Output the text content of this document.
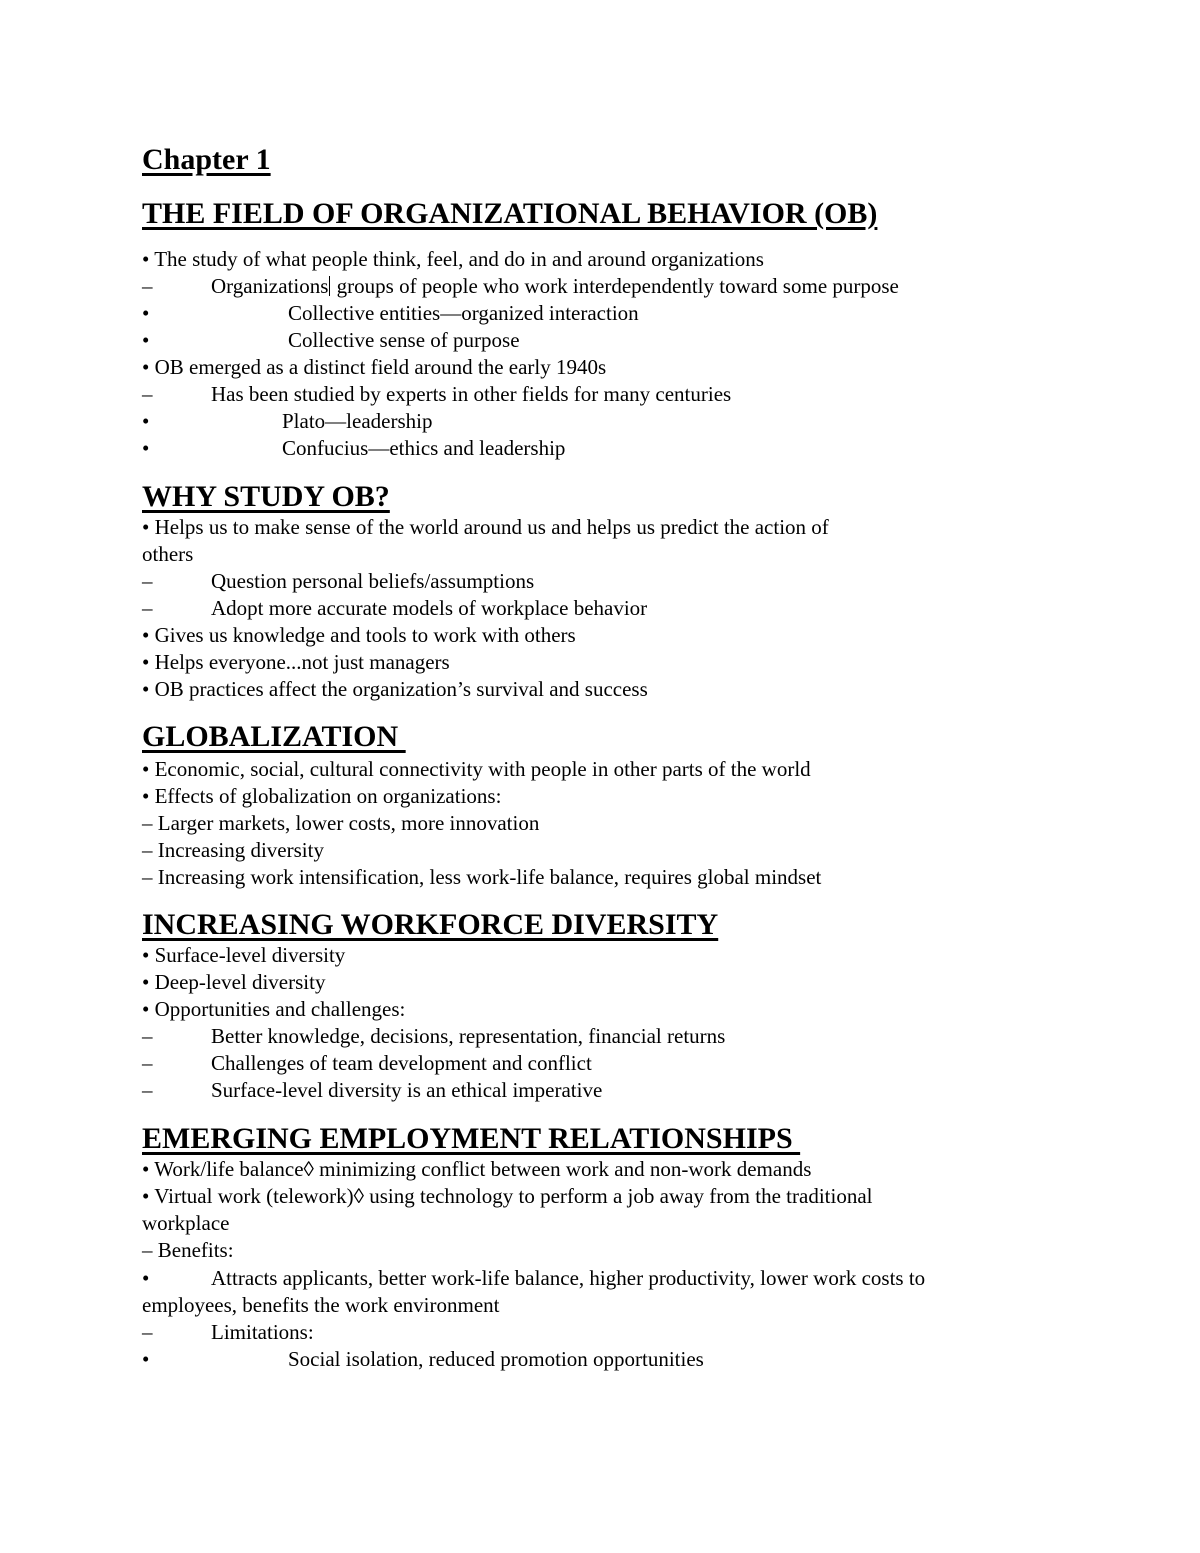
Chapter 1
THE FIELD OF ORGANIZATIONAL BEHAVIOR (OB)
• The study of what people think, feel, and do in and around organizations
–	Organizations groups of people who work interdependently toward some purpose
•	Collective entities—organized interaction
•	Collective sense of purpose
• OB emerged as a distinct field around the early 1940s
–	Has been studied by experts in other fields for many centuries
•	Plato—leadership
•	Confucius—ethics and leadership
WHY STUDY OB?
• Helps us to make sense of the world around us and helps us predict the action of
others
–	Question personal beliefs/assumptions
–	Adopt more accurate models of workplace behavior
• Gives us knowledge and tools to work with others
• Helps everyone...not just managers
• OB practices affect the organization’s survival and success
GLOBALIZATION
• Economic, social, cultural connectivity with people in other parts of the world
• Effects of globalization on organizations:
– Larger markets, lower costs, more innovation
– Increasing diversity
– Increasing work intensification, less work-life balance, requires global mindset
INCREASING WORKFORCE DIVERSITY
• Surface-level diversity
• Deep-level diversity
• Opportunities and challenges:
–	Better knowledge, decisions, representation, financial returns
–	Challenges of team development and conflict
–	Surface-level diversity is an ethical imperative
EMERGING EMPLOYMENT RELATIONSHIPS
• Work/life balance◊ minimizing conflict between work and non-work demands
• Virtual work (telework)◊ using technology to perform a job away from the traditional
workplace
– Benefits:
•	Attracts applicants, better work-life balance, higher productivity, lower work costs to
employees, benefits the work environment
–	Limitations:
•	Social isolation, reduced promotion opportunities
